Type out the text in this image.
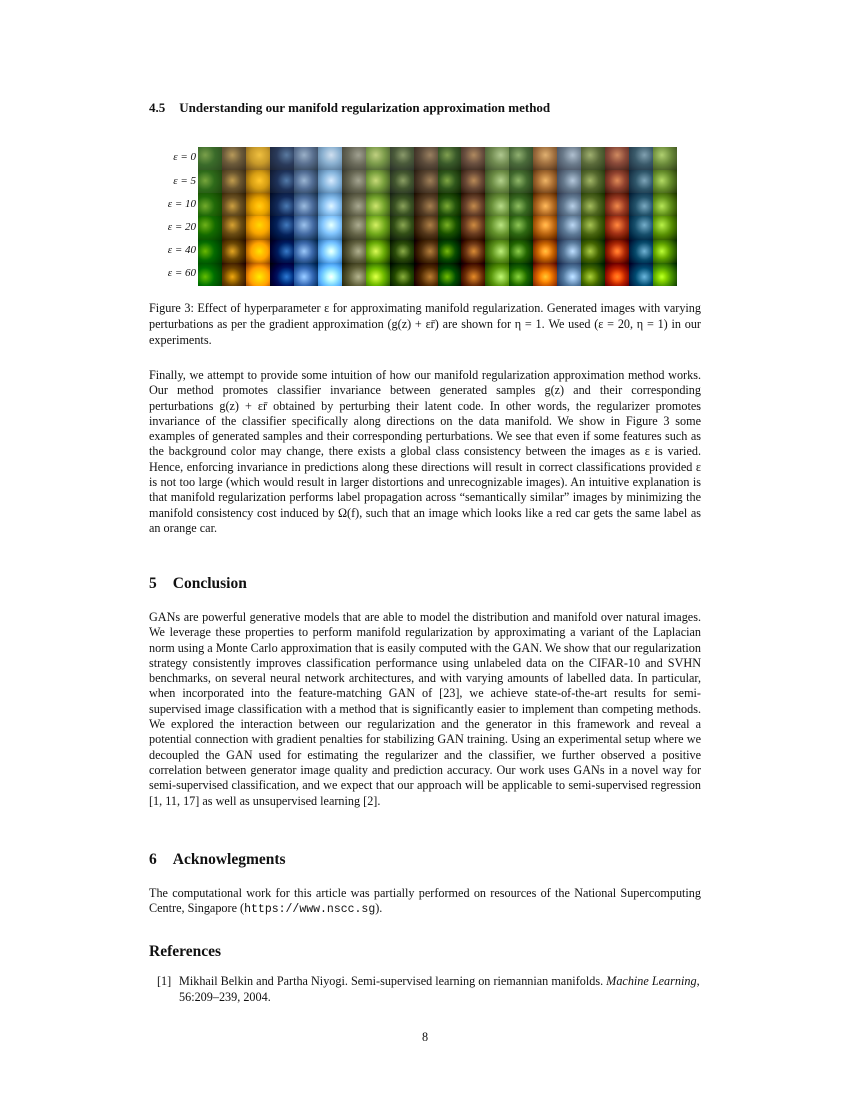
4.5 Understanding our manifold regularization approximation method
ε = 0
ε = 5
ε = 10
ε = 20
ε = 40
ε = 60
Figure 3: Effect of hyperparameter ε for approximating manifold regularization. Generated images with varying perturbations as per the gradient approximation (g(z) + εr̄) are shown for η = 1. We used (ε = 20, η = 1) in our experiments.
Finally, we attempt to provide some intuition of how our manifold regularization approximation method works. Our method promotes classifier invariance between generated samples g(z) and their corresponding perturbations g(z) + εr̄ obtained by perturbing their latent code. In other words, the regularizer promotes invariance of the classifier specifically along directions on the data manifold. We show in Figure 3 some examples of generated samples and their corresponding perturbations. We see that even if some features such as the background color may change, there exists a global class consistency between the images as ε is varied. Hence, enforcing invariance in predictions along these directions will result in correct classifications provided ε is not too large (which would result in larger distortions and unrecognizable images). An intuitive explanation is that manifold regularization performs label propagation across “semantically similar” images by minimizing the manifold consistency cost induced by Ω(f), such that an image which looks like a red car gets the same label as an orange car.
5 Conclusion
GANs are powerful generative models that are able to model the distribution and manifold over natural images. We leverage these properties to perform manifold regularization by approximating a variant of the Laplacian norm using a Monte Carlo approximation that is easily computed with the GAN. We show that our regularization strategy consistently improves classification performance using unlabeled data on the CIFAR-10 and SVHN benchmarks, on several neural network architectures, and with varying amounts of labelled data. In particular, when incorporated into the feature-matching GAN of [23], we achieve state-of-the-art results for semi-supervised image classification with a method that is significantly easier to implement than competing methods. We explored the interaction between our regularization and the generator in this framework and reveal a potential connection with gradient penalties for stabilizing GAN training. Using an experimental setup where we decoupled the GAN used for estimating the regularizer and the classifier, we further observed a positive correlation between generator image quality and prediction accuracy. Our work uses GANs in a novel way for semi-supervised classification, and we expect that our approach will be applicable to semi-supervised regression [1, 11, 17] as well as unsupervised learning [2].
6 Acknowlegments
The computational work for this article was partially performed on resources of the National Supercomputing Centre, Singapore (https://www.nscc.sg).
References
[1] Mikhail Belkin and Partha Niyogi. Semi-supervised learning on riemannian manifolds. Machine Learning, 56:209–239, 2004.
8
